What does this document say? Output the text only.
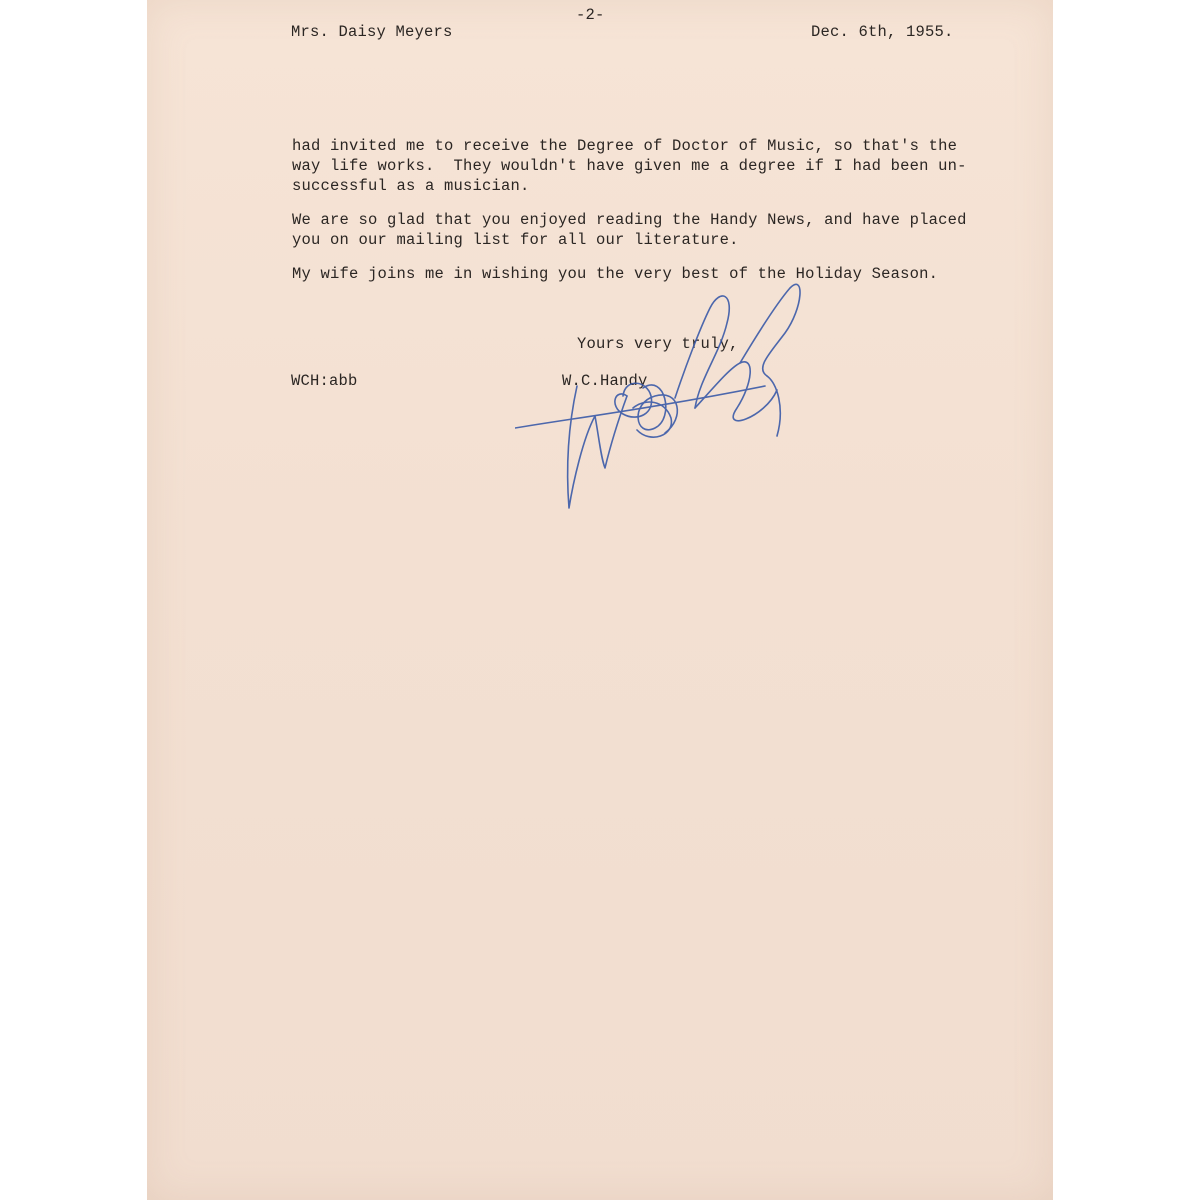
-2-
Mrs. Daisy Meyers	Dec. 6th, 1955.

had invited me to receive the Degree of Doctor of Music, so that's the
way life works.  They wouldn't have given me a degree if I had been un-
successful as a musician.

We are so glad that you enjoyed reading the Handy News, and have placed
you on our mailing list for all our literature.

My wife joins me in wishing you the very best of the Holiday Season.

Yours very truly,
WCH:abb	W.C.Handy
